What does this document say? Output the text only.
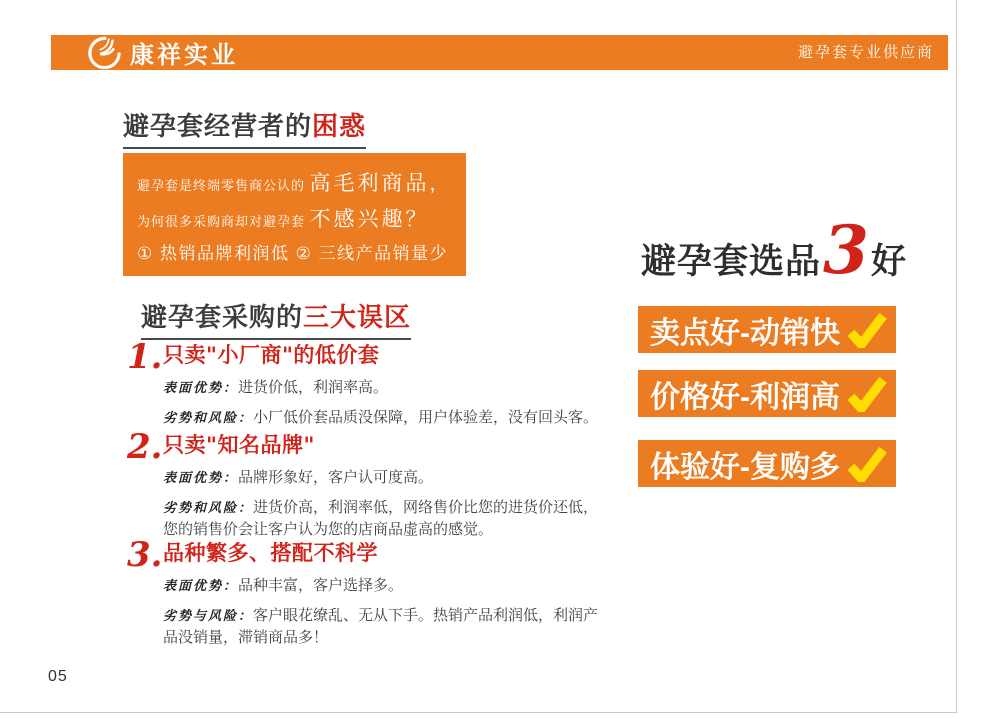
康祥实业	避孕套专业供应商
避孕套经营者的困惑
避孕套是终端零售商公认的 高毛利商品,
为何很多采购商却对避孕套 不感兴趣？
① 热销品牌利润低 ② 三线产品销量少	避孕套选品 3 好
卖点好-动销快
价格好-利润高
体验好-复购多
避孕套采购的三大误区
1. 只卖"小厂商"的低价套

表面优势：进货价低，利润率高。

劣势和风险：小厂低价套品质没保障，用户体验差，没有回头客。

2. 只卖"知名品牌"

表面优势：品牌形象好，客户认可度高。

劣势和风险：进货价高，利润率低，网络售价比您的进货价还低，您的销售价会让客户认为您的店商品虚高的感觉。

3. 品种繁多、搭配不科学

表面优势：品种丰富，客户选择多。

劣势与风险：客户眼花缭乱、无从下手。热销产品利润低，利润产品没销量，滞销商品多！

05
